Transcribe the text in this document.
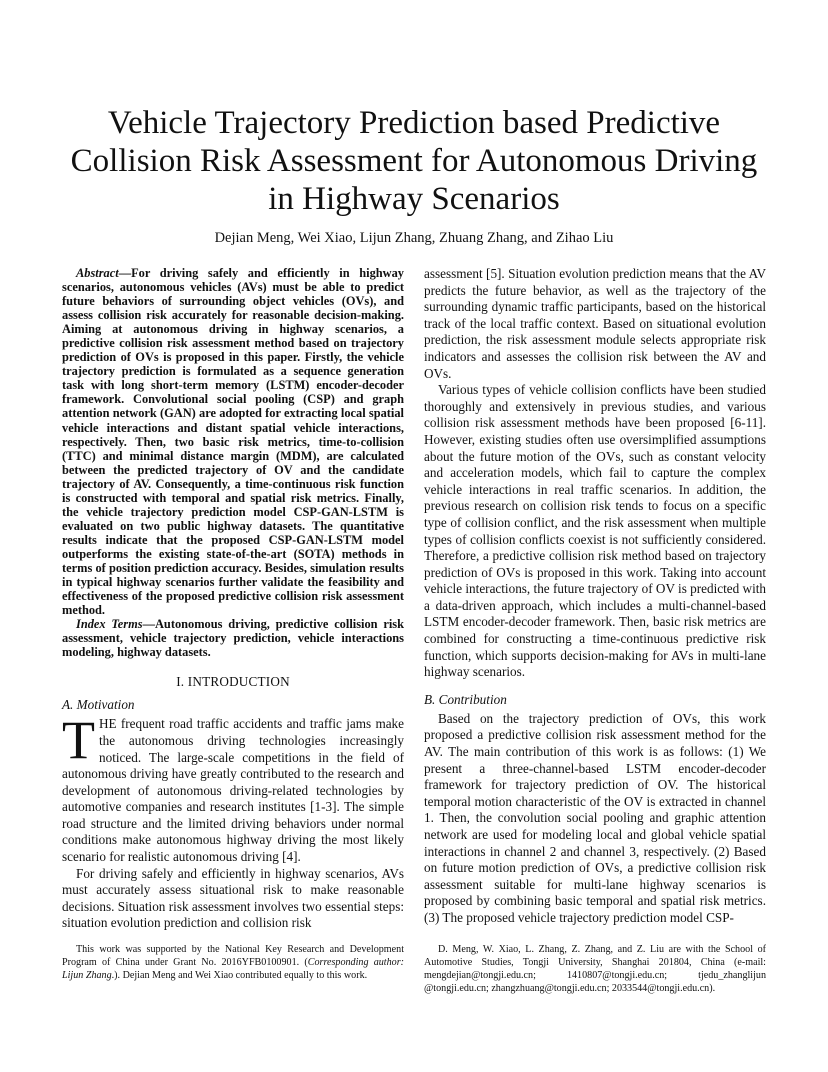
Vehicle Trajectory Prediction based Predictive
Collision Risk Assessment for Autonomous Driving
in Highway Scenarios
Dejian Meng, Wei Xiao, Lijun Zhang, Zhuang Zhang, and Zihao Liu

Abstract—For driving safely and efficiently in highway scenarios, autonomous vehicles (AVs) must be able to predict future behaviors of surrounding object vehicles (OVs), and assess collision risk accurately for reasonable decision-making. Aiming at autonomous driving in highway scenarios, a predictive collision risk assessment method based on trajectory prediction of OVs is proposed in this paper. Firstly, the vehicle trajectory prediction is formulated as a sequence generation task with long short-term memory (LSTM) encoder-decoder framework. Convolutional social pooling (CSP) and graph attention network (GAN) are adopted for extracting local spatial vehicle interactions and distant spatial vehicle interactions, respectively. Then, two basic risk metrics, time-to-collision (TTC) and minimal distance margin (MDM), are calculated between the predicted trajectory of OV and the candidate trajectory of AV. Consequently, a time-continuous risk function is constructed with temporal and spatial risk metrics. Finally, the vehicle trajectory prediction model CSP-GAN-LSTM is evaluated on two public highway datasets. The quantitative results indicate that the proposed CSP-GAN-LSTM model outperforms the existing state-of-the-art (SOTA) methods in terms of position prediction accuracy. Besides, simulation results in typical highway scenarios further validate the feasibility and effectiveness of the proposed predictive collision risk assessment method.

Index Terms—Autonomous driving, predictive collision risk assessment, vehicle trajectory prediction, vehicle interactions modeling, highway datasets.

I. INTRODUCTION
A. Motivation

THE frequent road traffic accidents and traffic jams make the autonomous driving technologies increasingly noticed. The large-scale competitions in the field of autonomous driving have greatly contributed to the research and development of autonomous driving-related technologies by automotive companies and research institutes [1-3]. The simple road structure and the limited driving behaviors under normal conditions make autonomous highway driving the most likely scenario for realistic autonomous driving [4].

For driving safely and efficiently in highway scenarios, AVs must accurately assess situational risk to make reasonable decisions. Situation risk assessment involves two essential steps: situation evolution prediction and collision risk

assessment [5]. Situation evolution prediction means that the AV predicts the future behavior, as well as the trajectory of the surrounding dynamic traffic participants, based on the historical track of the local traffic context. Based on situational evolution prediction, the risk assessment module selects appropriate risk indicators and assesses the collision risk between the AV and OVs.

Various types of vehicle collision conflicts have been studied thoroughly and extensively in previous studies, and various collision risk assessment methods have been proposed [6-11]. However, existing studies often use oversimplified assumptions about the future motion of the OVs, such as constant velocity and acceleration models, which fail to capture the complex vehicle interactions in real traffic scenarios. In addition, the previous research on collision risk tends to focus on a specific type of collision conflict, and the risk assessment when multiple types of collision conflicts coexist is not sufficiently considered. Therefore, a predictive collision risk method based on trajectory prediction of OVs is proposed in this work. Taking into account vehicle interactions, the future trajectory of OV is predicted with a data-driven approach, which includes a multi-channel-based LSTM encoder-decoder framework. Then, basic risk metrics are combined for constructing a time-continuous predictive risk function, which supports decision-making for AVs in multi-lane highway scenarios.

B. Contribution

Based on the trajectory prediction of OVs, this work proposed a predictive collision risk assessment method for the AV. The main contribution of this work is as follows: (1) We present a three-channel-based LSTM encoder-decoder framework for trajectory prediction of OV. The historical temporal motion characteristic of the OV is extracted in channel 1. Then, the convolution social pooling and graphic attention network are used for modeling local and global vehicle spatial interactions in channel 2 and channel 3, respectively. (2) Based on future motion prediction of OVs, a predictive collision risk assessment suitable for multi-lane highway scenarios is proposed by combining basic temporal and spatial risk metrics. (3) The proposed vehicle trajectory prediction model CSP-

This work was supported by the National Key Research and Development Program of China under Grant No. 2016YFB0100901. (Corresponding author: Lijun Zhang.). Dejian Meng and Wei Xiao contributed equally to this work.

D. Meng, W. Xiao, L. Zhang, Z. Zhang, and Z. Liu are with the School of Automotive Studies, Tongji University, Shanghai 201804, China (e-mail: mengdejian@tongji.edu.cn; 1410807@tongji.edu.cn; tjedu_zhanglijun @tongji.edu.cn; zhangzhuang@tongji.edu.cn; 2033544@tongji.edu.cn).
